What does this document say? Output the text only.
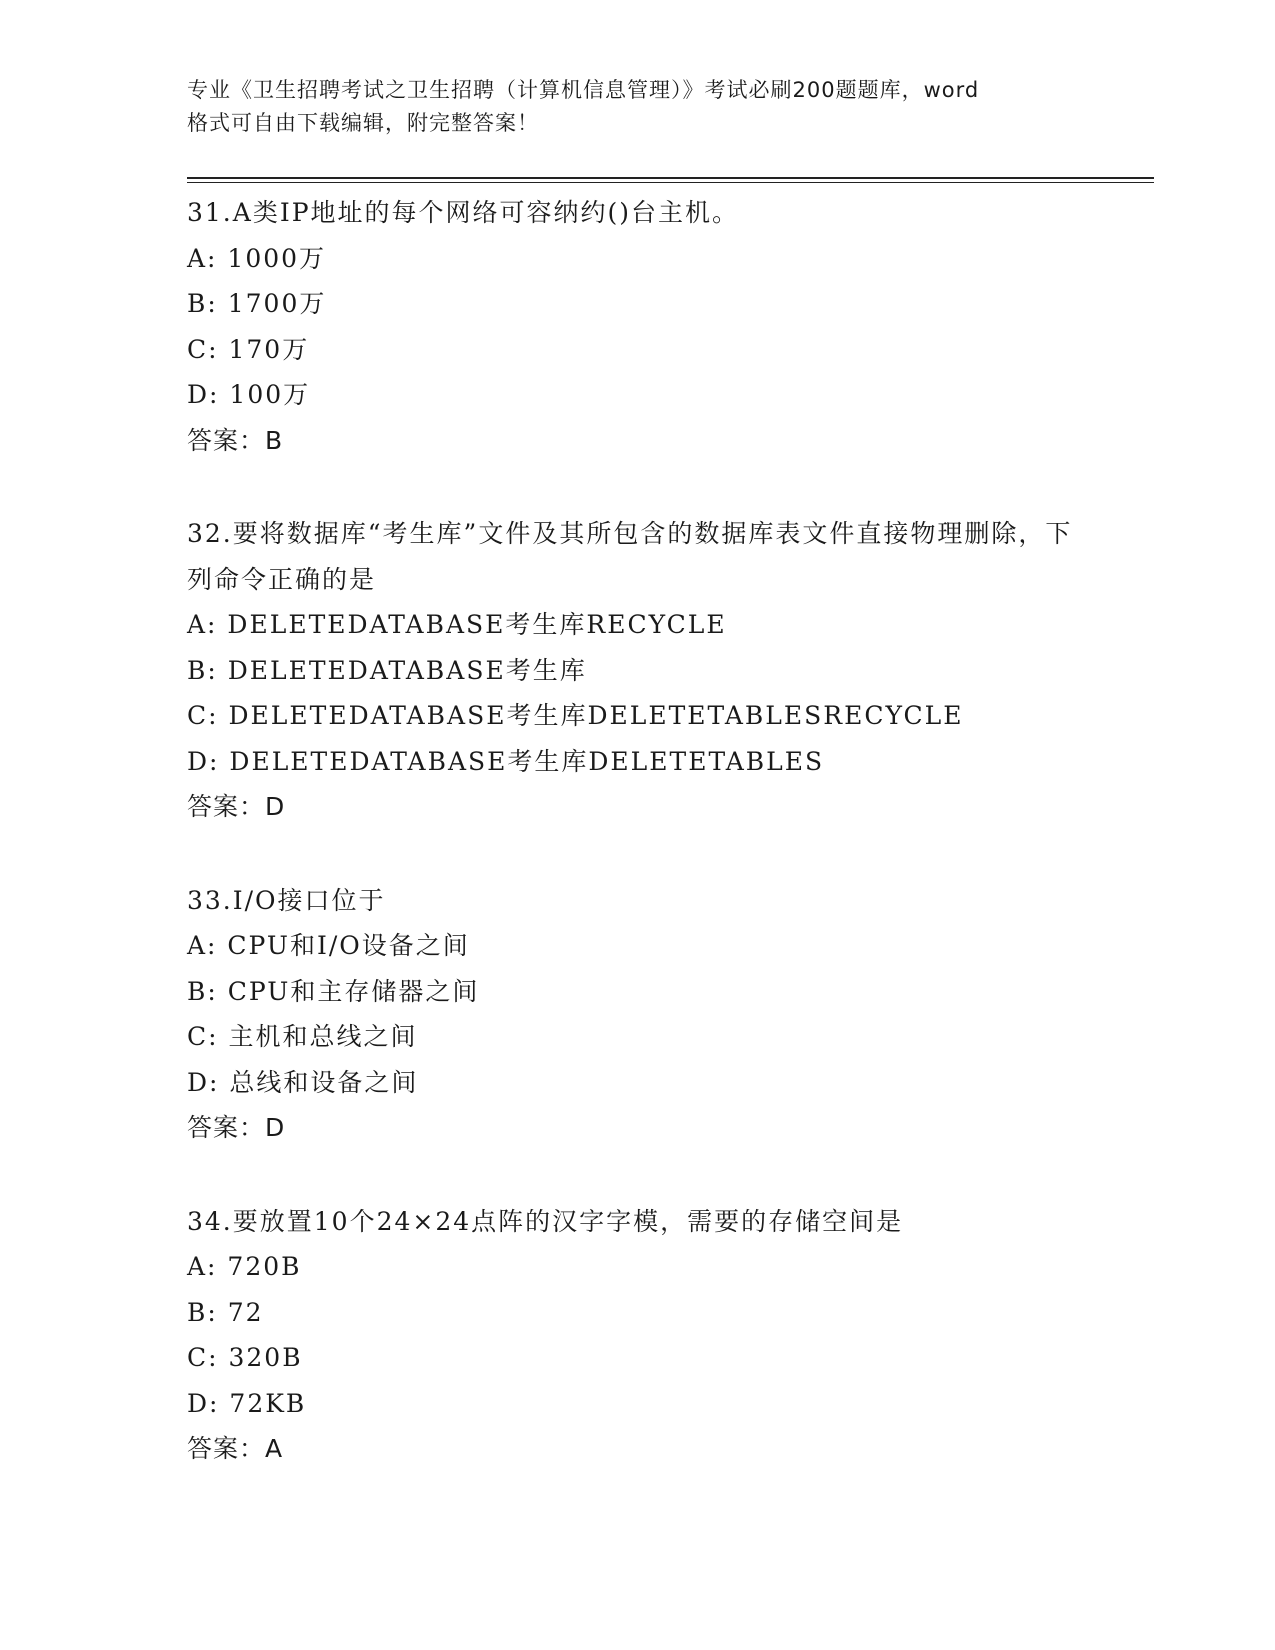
专业《卫生招聘考试之卫生招聘（计算机信息管理）》考试必刷200题题库，word
格式可自由下载编辑，附完整答案！
31.A类IP地址的每个网络可容纳约()台主机。
A: 1000万
B: 1700万
C: 170万
D: 100万
答案：B
32.要将数据库“考生库”文件及其所包含的数据库表文件直接物理删除，下列命令正确的是
A: DELETEDATABASE考生库RECYCLE
B: DELETEDATABASE考生库
C: DELETEDATABASE考生库DELETETABLESRECYCLE
D: DELETEDATABASE考生库DELETETABLES
答案：D
33.I/O接口位于
A: CPU和I/O设备之间
B: CPU和主存储器之间
C: 主机和总线之间
D: 总线和设备之间
答案：D
34.要放置10个24×24点阵的汉字字模，需要的存储空间是
A: 720B
B: 72
C: 320B
D: 72KB
答案：A
